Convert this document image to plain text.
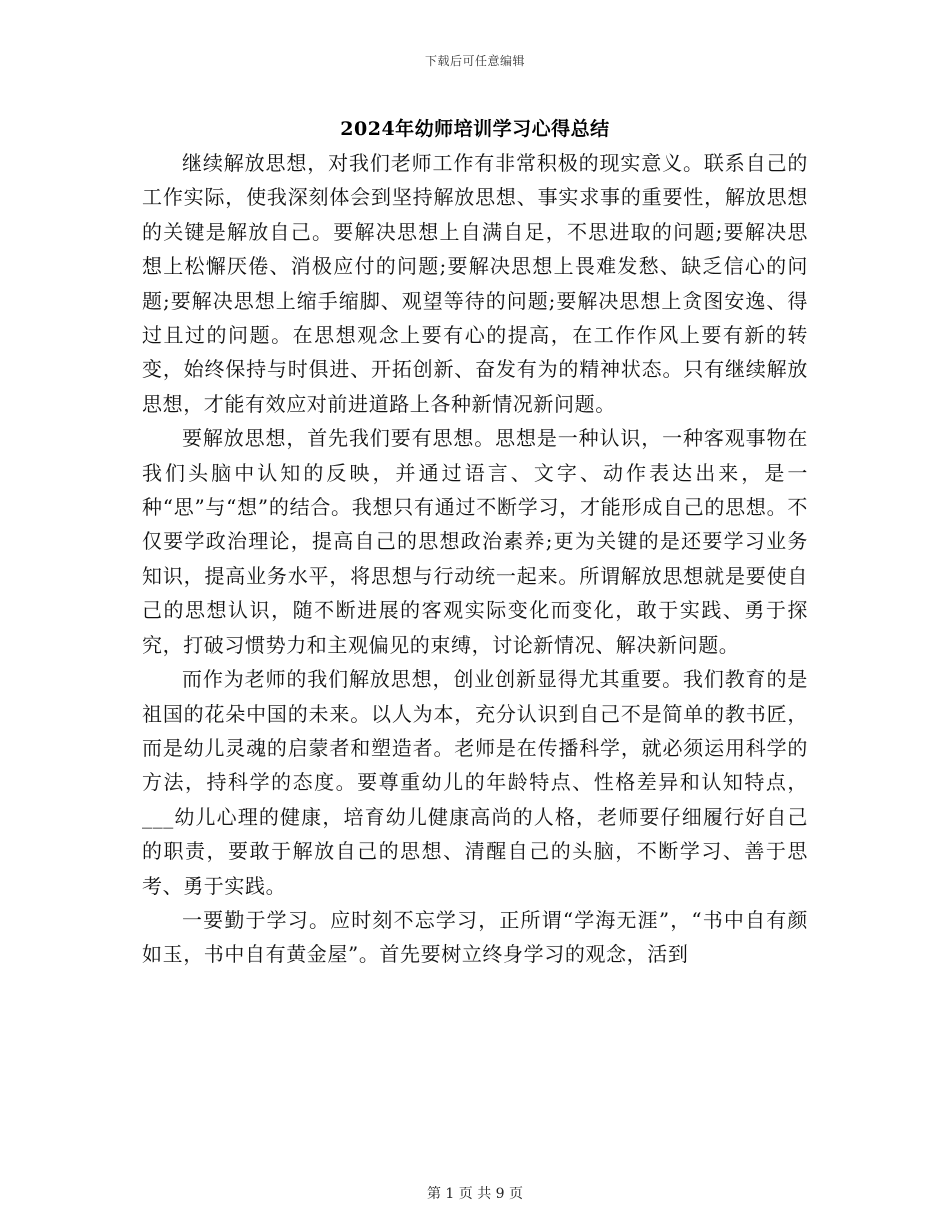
下载后可任意编辑
2024年幼师培训学习心得总结

继续解放思想，对我们老师工作有非常积极的现实意义。联系自己的工作实际，使我深刻体会到坚持解放思想、事实求事的重要性，解放思想的关键是解放自己。要解决思想上自满自足，不思进取的问题;要解决思想上松懈厌倦、消极应付的问题;要解决思想上畏难发愁、缺乏信心的问题;要解决思想上缩手缩脚、观望等待的问题;要解决思想上贪图安逸、得过且过的问题。在思想观念上要有心的提高，在工作作风上要有新的转变，始终保持与时俱进、开拓创新、奋发有为的精神状态。只有继续解放思想，才能有效应对前进道路上各种新情况新问题。

要解放思想，首先我们要有思想。思想是一种认识，一种客观事物在我们头脑中认知的反映，并通过语言、文字、动作表达出来，是一种“思”与“想”的结合。我想只有通过不断学习，才能形成自己的思想。不仅要学政治理论，提高自己的思想政治素养;更为关键的是还要学习业务知识，提高业务水平，将思想与行动统一起来。所谓解放思想就是要使自己的思想认识，随不断进展的客观实际变化而变化，敢于实践、勇于探究，打破习惯势力和主观偏见的束缚，讨论新情况、解决新问题。

而作为老师的我们解放思想，创业创新显得尤其重要。我们教育的是祖国的花朵中国的未来。以人为本，充分认识到自己不是简单的教书匠，而是幼儿灵魂的启蒙者和塑造者。老师是在传播科学，就必须运用科学的方法，持科学的态度。要尊重幼儿的年龄特点、性格差异和认知特点，___幼儿心理的健康，培育幼儿健康高尚的人格，老师要仔细履行好自己的职责，要敢于解放自己的思想、清醒自己的头脑，不断学习、善于思考、勇于实践。

一要勤于学习。应时刻不忘学习，正所谓“学海无涯”，“书中自有颜如玉，书中自有黄金屋”。首先要树立终身学习的观念，活到

第 1 页 共 9 页
